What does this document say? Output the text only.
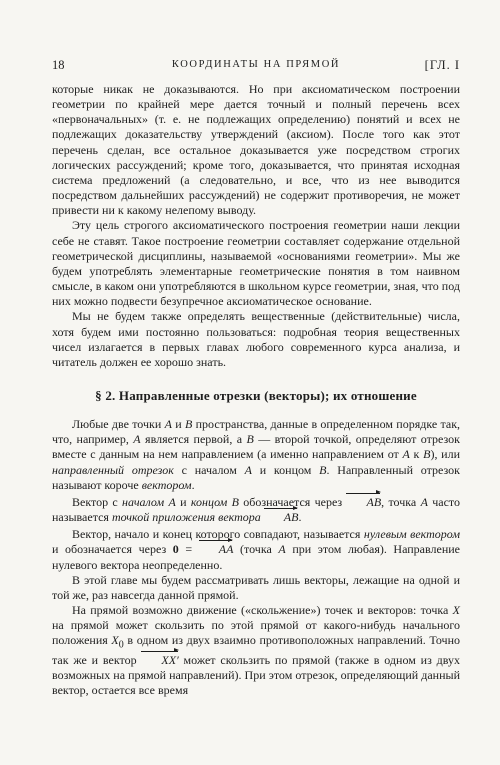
18	КООРДИНАТЫ НА ПРЯМОЙ	[ГЛ. I

которые никак не доказываются. Но при аксиоматическом построении геометрии по крайней мере дается точный и полный перечень всех «первоначальных» (т. е. не подлежащих определению) понятий и всех не подлежащих доказательству утверждений (аксиом). После того как этот перечень сделан, все остальное доказывается уже посредством строгих логических рассуждений; кроме того, доказывается, что принятая исходная система предложений (а следовательно, и все, что из нее выводится посредством дальнейших рассуждений) не содержит противоречия, не может привести ни к какому нелепому выводу.

Эту цель строгого аксиоматического построения геометрии наши лекции себе не ставят. Такое построение геометрии составляет содержание отдельной геометрической дисциплины, называемой «основаниями геометрии». Мы же будем употреблять элементарные геометрические понятия в том наивном смысле, в каком они употребляются в школьном курсе геометрии, зная, что под них можно подвести безупречное аксиоматическое основание.

Мы не будем также определять вещественные (действительные) числа, хотя будем ими постоянно пользоваться: подробная теория вещественных чисел излагается в первых главах любого современного курса анализа, и читатель должен ее хорошо знать.

§ 2. Направленные отрезки (векторы); их отношение

Любые две точки A и B пространства, данные в определенном порядке так, что, например, A является первой, а B — второй точкой, определяют отрезок вместе с данным на нем направлением (а именно направлением от A к B), или направленный отрезок с началом A и концом B. Направленный отрезок называют короче вектором.

Вектор с началом A и концом B обозначается через AB, точка A часто называется точкой приложения вектора AB.

Вектор, начало и конец которого совпадают, называется нулевым вектором и обозначается через 0 = AA (точка A при этом любая). Направление нулевого вектора неопределенно.

В этой главе мы будем рассматривать лишь векторы, лежащие на одной и той же, раз навсегда данной прямой.

На прямой возможно движение («скольжение») точек и векторов: точка X на прямой может скользить по этой прямой от какого-нибудь начального положения $X_0$ в одном из двух взаимно противоположных направлений. Точно так же и вектор XX′ может скользить по прямой (также в одном из двух возможных на прямой направлений). При этом отрезок, определяющий данный вектор, остается все время
